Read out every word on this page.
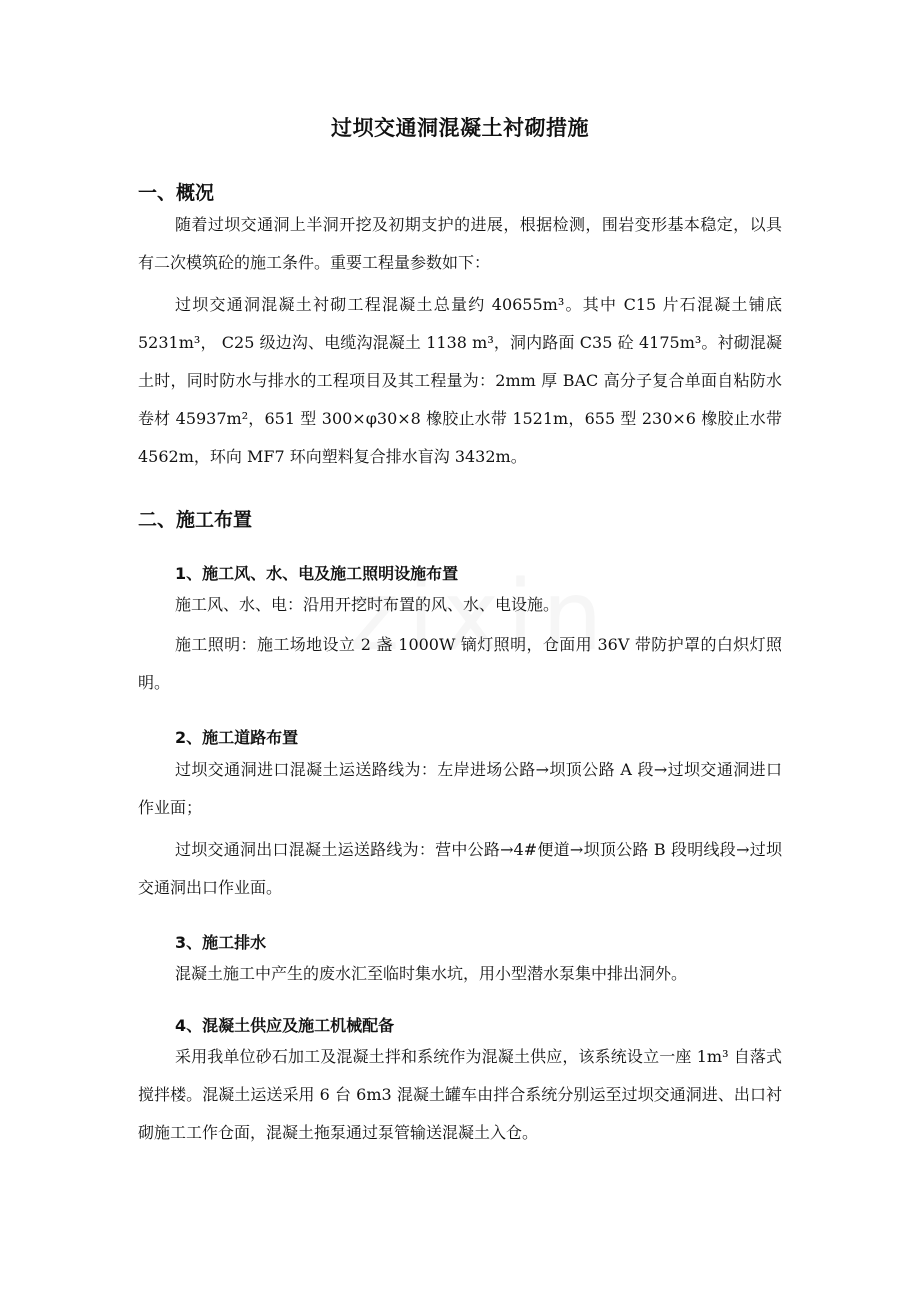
过坝交通洞混凝土衬砌措施
一、概况
随着过坝交通洞上半洞开挖及初期支护的进展，根据检测，围岩变形基本稳定，以具有二次模筑砼的施工条件。重要工程量参数如下：
过坝交通洞混凝土衬砌工程混凝土总量约 40655m³。其中 C15 片石混凝土铺底 5231m³， C25 级边沟、电缆沟混凝土 1138 m³，洞内路面 C35 砼 4175m³。衬砌混凝土时，同时防水与排水的工程项目及其工程量为：2mm 厚 BAC 高分子复合单面自粘防水卷材 45937m²，651 型 300×φ30×8 橡胶止水带 1521m，655 型 230×6 橡胶止水带 4562m，环向 MF7 环向塑料复合排水盲沟 3432m。
二、施工布置
1、施工风、水、电及施工照明设施布置
施工风、水、电：沿用开挖时布置的风、水、电设施。
施工照明：施工场地设立 2 盏 1000W 镝灯照明，仓面用 36V 带防护罩的白炽灯照明。
2、施工道路布置
过坝交通洞进口混凝土运送路线为：左岸进场公路→坝顶公路 A 段→过坝交通洞进口作业面；
过坝交通洞出口混凝土运送路线为：营中公路→4#便道→坝顶公路 B 段明线段→过坝交通洞出口作业面。
3、施工排水
混凝土施工中产生的废水汇至临时集水坑，用小型潜水泵集中排出洞外。
4、混凝土供应及施工机械配备
采用我单位砂石加工及混凝土拌和系统作为混凝土供应，该系统设立一座 1m³ 自落式搅拌楼。混凝土运送采用 6 台 6m3 混凝土罐车由拌合系统分别运至过坝交通洞进、出口衬砌施工工作仓面，混凝土拖泵通过泵管输送混凝土入仓。
